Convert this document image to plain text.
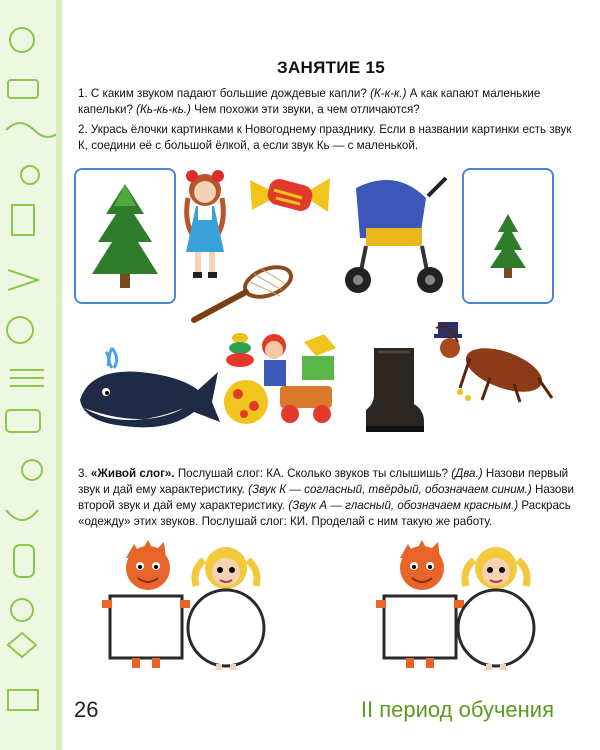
ЗАНЯТИЕ 15

1. С каким звуком падают большие дождевые капли? (К-к-к.) А как капают маленькие капельки? (Кь-кь-кь.) Чем похожи эти звуки, а чем отличаются?

2. Укрась ёлочки картинками к Новогоднему празднику. Если в названии картинки есть звук К, соедини её с большой ёлкой, а если звук Кь — с маленькой.

3. «Живой слог». Послушай слог: КА. Сколько звуков ты слышишь? (Два.) Назови первый звук и дай ему характеристику. (Звук К — согласный, твёрдый, обозначаем синим.) Назови второй звук и дай ему характеристику. (Звук А — гласный, обозначаем красным.) Раскрась «одежду» этих звуков. Послушай слог: КИ. Проделай с ним такую же работу.

26	II период обучения
